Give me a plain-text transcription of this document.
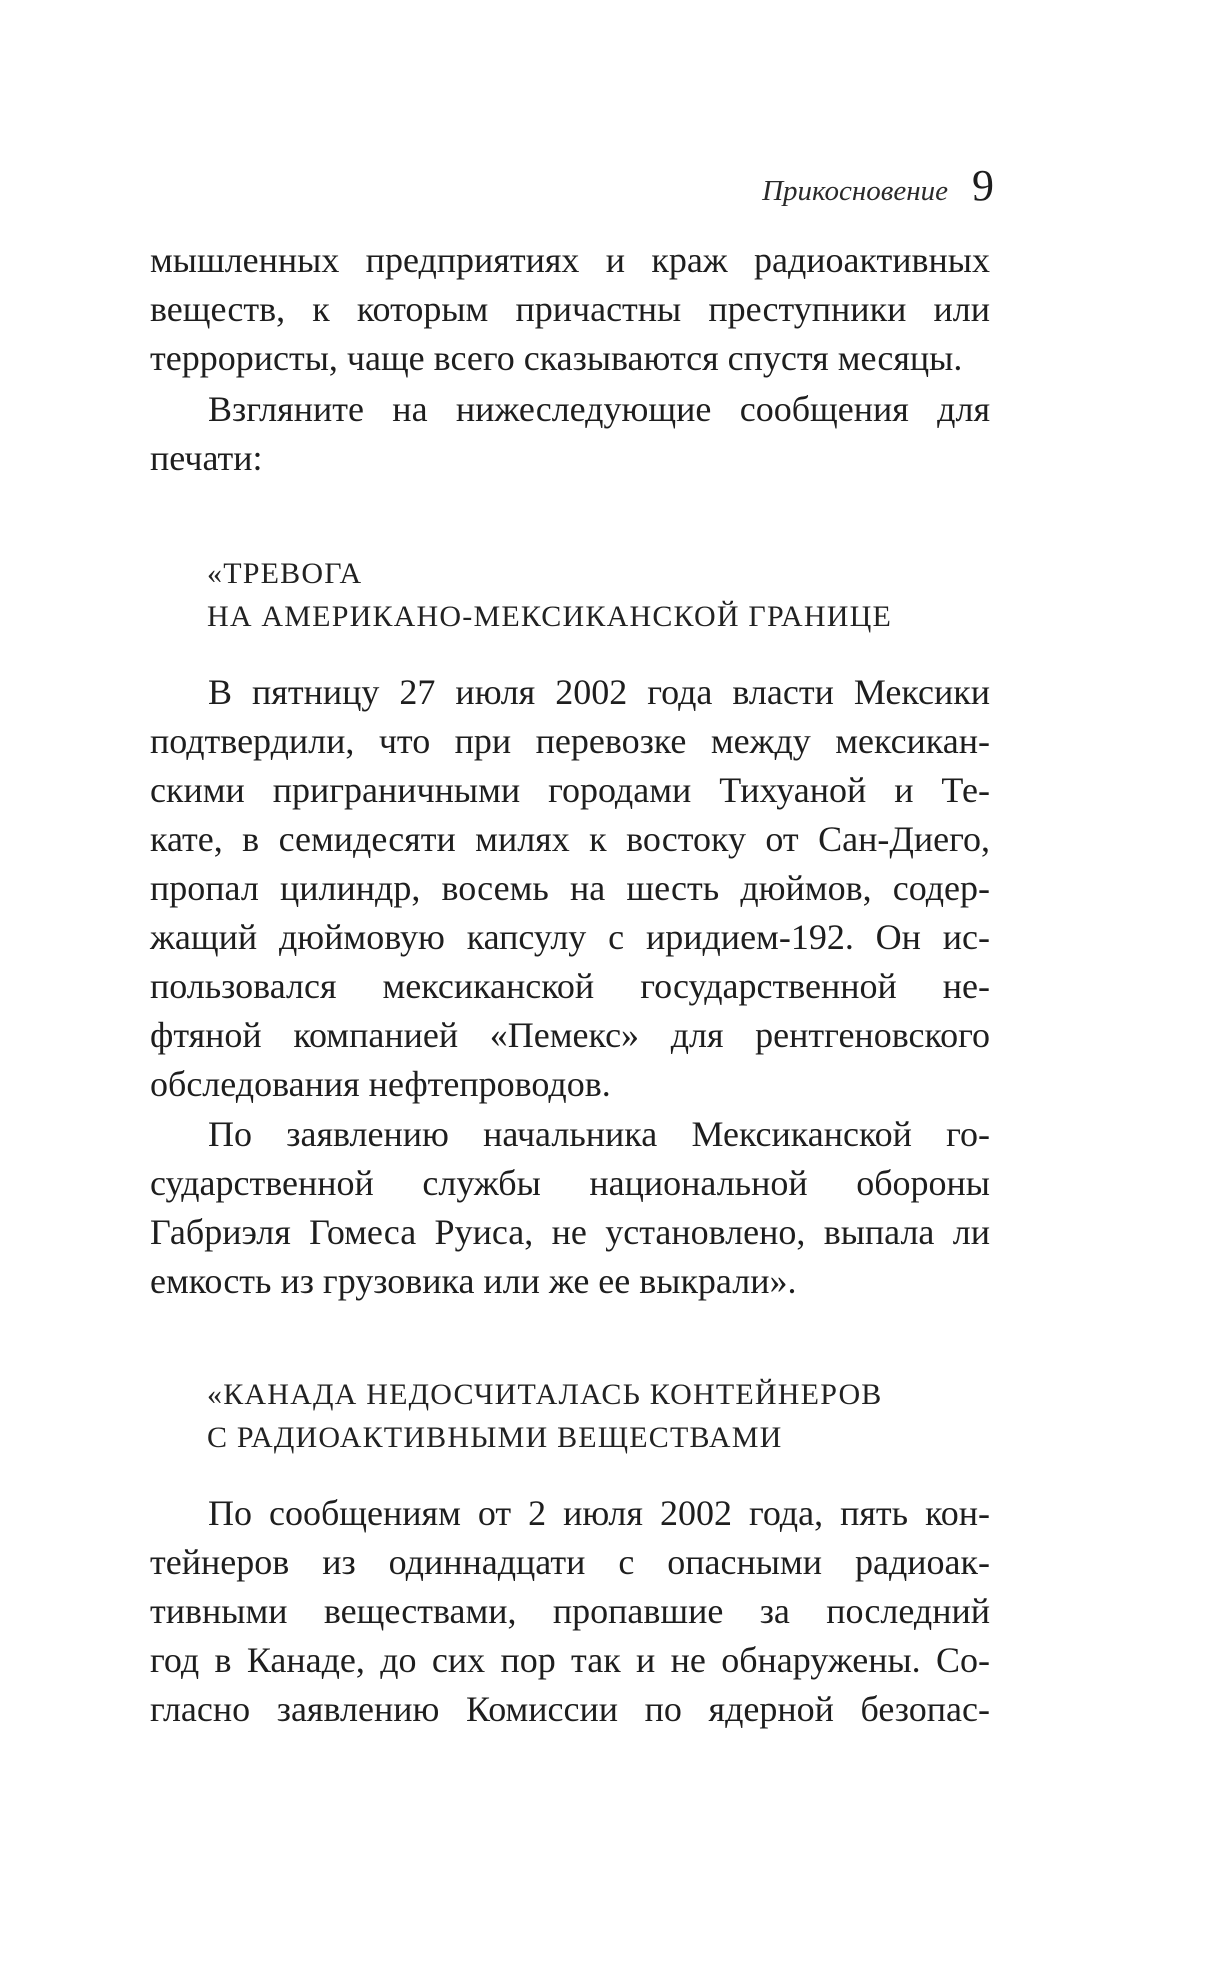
Прикосновение 9

мышленных предприятиях и краж радиоактивных
веществ, к которым причастны преступники или
террористы, чаще всего сказываются спустя месяцы.

Взгляните на нижеследующие сообщения для
печати:

«ТРЕВОГА
НА АМЕРИКАНО-МЕКСИКАНСКОЙ ГРАНИЦЕ

В пятницу 27 июля 2002 года власти Мексики
подтвердили, что при перевозке между мексикан-
скими приграничными городами Тихуаной и Те-
кате, в семидесяти милях к востоку от Сан-Диего,
пропал цилиндр, восемь на шесть дюймов, содер-
жащий дюймовую капсулу с иридием-192. Он ис-
пользовался мексиканской государственной не-
фтяной компанией «Пемекс» для рентгеновского
обследования нефтепроводов.

По заявлению начальника Мексиканской го-
сударственной службы национальной обороны
Габриэля Гомеса Руиса, не установлено, выпала ли
емкость из грузовика или же ее выкрали».

«КАНАДА НЕДОСЧИТАЛАСЬ КОНТЕЙНЕРОВ
С РАДИОАКТИВНЫМИ ВЕЩЕСТВАМИ

По сообщениям от 2 июля 2002 года, пять кон-
тейнеров из одиннадцати с опасными радиоак-
тивными веществами, пропавшие за последний
год в Канаде, до сих пор так и не обнаружены. Со-
гласно заявлению Комиссии по ядерной безопас-
